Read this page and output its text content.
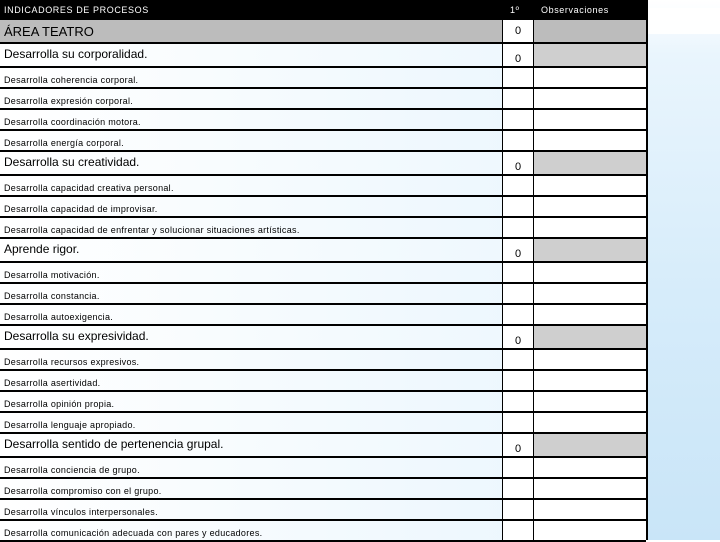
INDICADORES DE PROCESOS	1º	Observaciones
ÁREA TEATRO	0
Desarrolla su corporalidad.	0
Desarrolla coherencia corporal.
Desarrolla expresión corporal.
Desarrolla coordinación motora.
Desarrolla energía corporal.
Desarrolla su creatividad.	0
Desarrolla capacidad creativa personal.
Desarrolla capacidad de improvisar.
Desarrolla capacidad de enfrentar y solucionar situaciones artísticas.
Aprende rigor.	0
Desarrolla motivación.
Desarrolla constancia.
Desarrolla autoexigencia.
Desarrolla su expresividad.	0
Desarrolla recursos expresivos.
Desarrolla asertividad.
Desarrolla opinión propia.
Desarrolla lenguaje apropiado.
Desarrolla sentido de pertenencia grupal.	0
Desarrolla conciencia de grupo.
Desarrolla compromiso con el grupo.
Desarrolla vínculos interpersonales.
Desarrolla comunicación adecuada con pares y educadores.
